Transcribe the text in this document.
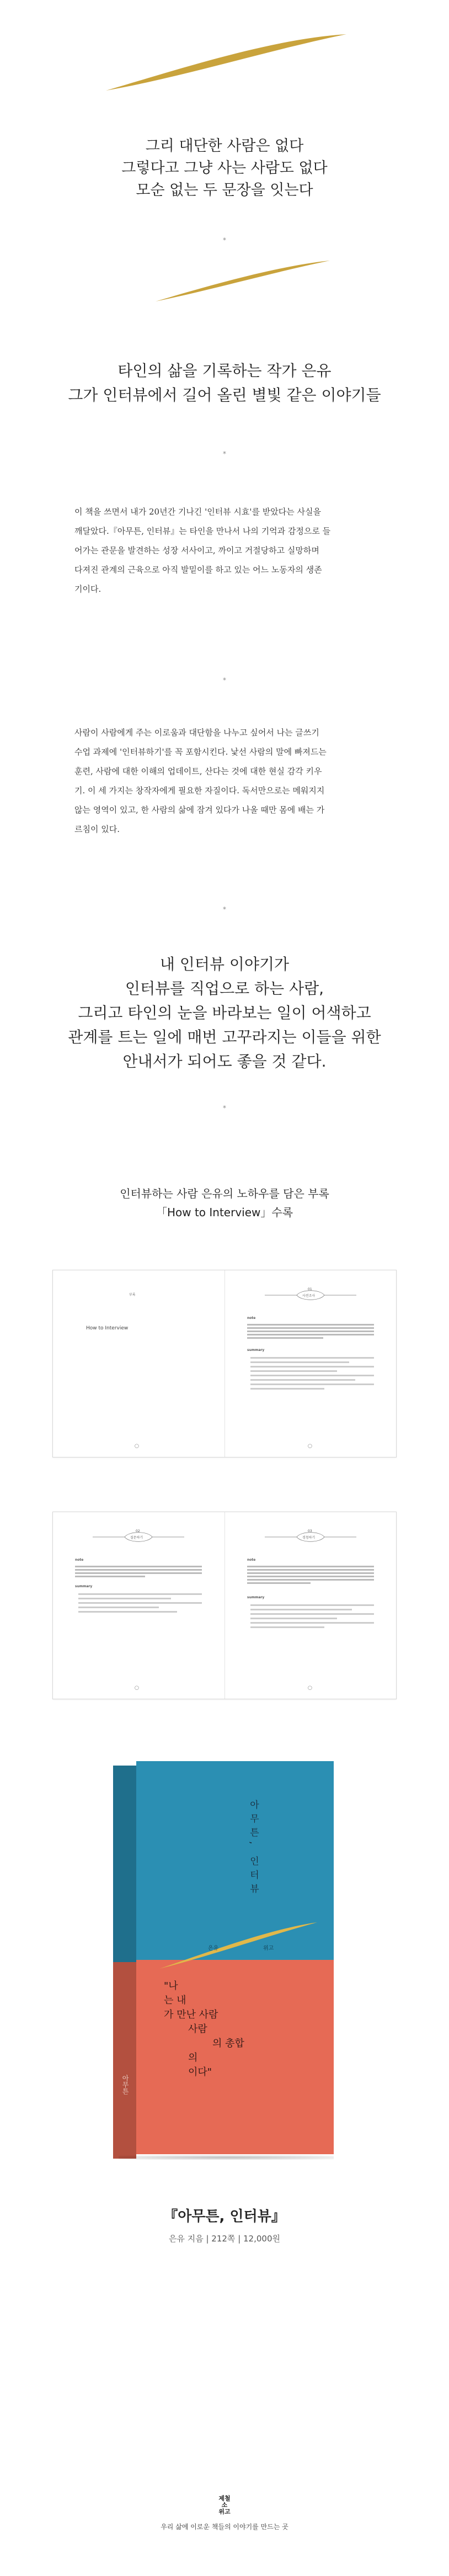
그리 대단한 사람은 없다
그렇다고 그냥 사는 사람도 없다
모순 없는 두 문장을 잇는다
*
타인의 삶을 기록하는 작가 은유
그가 인터뷰에서 길어 올린 별빛 같은 이야기들
*
이 책을 쓰면서 내가 20년간 기나긴 '인터뷰 시효'를 받았다는 사실을
깨달았다.『아무튼, 인터뷰』는 타인을 만나서 나의 기억과 감정으로 들
어가는 관문을 발견하는 성장 서사이고, 까이고 거절당하고 실망하며
다져진 관계의 근육으로 아직 발밑이를 하고 있는 어느 노동자의 생존
기이다.
*
사람이 사람에게 주는 이로움과 대단함을 나누고 싶어서 나는 글쓰기
수업 과제에 '인터뷰하기'를 꼭 포함시킨다. 낯선 사람의 말에 빠져드는
훈련, 사람에 대한 이해의 업데이트, 산다는 것에 대한 현실 감각 키우
기. 이 세 가지는 창작자에게 필요한 자질이다. 독서만으로는 메워지지
않는 영역이 있고, 한 사람의 삶에 잠겨 있다가 나올 때만 몸에 배는 가
르침이 있다.
*
내 인터뷰 이야기가
인터뷰를 직업으로 하는 사람,
그리고 타인의 눈을 바라보는 일이 어색하고
관계를 트는 일에 매번 고꾸라지는 이들을 위한
안내서가 되어도 좋을 것 같다.
*
인터뷰하는 사람 은유의 노하우를 담은 부록
「How to Interview」수록
부록
How to Interview
◯
01
사전조사
note
summary
◯
02
질문하기
note
summary
◯
03
경청하기
note
summary
◯
아무튼
아무튼, 인터뷰
은유	위고
"나
는 내
가 만난 사람
사람
의 총합
의
이다"
『아무튼, 인터뷰』
은유 지음 | 212쪽 | 12,000원
제철
소
위고
우리 삶에 이로운 책들의 이야기를 만드는 곳
